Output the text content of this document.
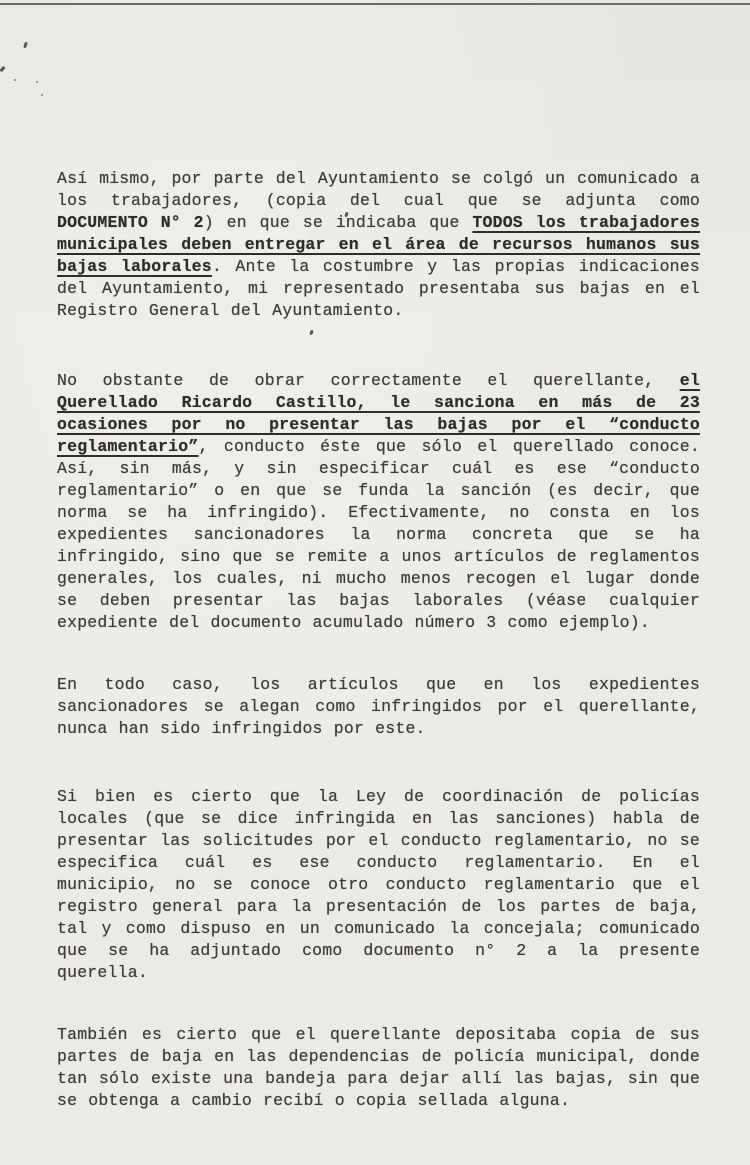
Así mismo, por parte del Ayuntamiento se colgó un comunicado a los trabajadores, (copia del cual que se adjunta como DOCUMENTO N° 2) en que se indicaba que TODOS los trabajadores municipales deben entregar en el área de recursos humanos sus bajas laborales. Ante la costumbre y las propias indicaciones del Ayuntamiento, mi representado presentaba sus bajas en el Registro General del Ayuntamiento.

No obstante de obrar correctamente el querellante, el Querellado Ricardo Castillo, le sanciona en más de 23 ocasiones por no presentar las bajas por el “conducto reglamentario”, conducto éste que sólo el querellado conoce. Así, sin más, y sin especificar cuál es ese “conducto reglamentario” o en que se funda la sanción (es decir, que norma se ha infringido). Efectivamente, no consta en los expedientes sancionadores la norma concreta que se ha infringido, sino que se remite a unos artículos de reglamentos generales, los cuales, ni mucho menos recogen el lugar donde se deben presentar las bajas laborales (véase cualquier expediente del documento acumulado número 3 como ejemplo).

En todo caso, los artículos que en los expedientes sancionadores se alegan como infringidos por el querellante, nunca han sido infringidos por este.

Si bien es cierto que la Ley de coordinación de policías locales (que se dice infringida en las sanciones) habla de presentar las solicitudes por el conducto reglamentario, no se especifica cuál es ese conducto reglamentario. En el municipio, no se conoce otro conducto reglamentario que el registro general para la presentación de los partes de baja, tal y como dispuso en un comunicado la concejala; comunicado que se ha adjuntado como documento n° 2 a la presente querella.

También es cierto que el querellante depositaba copia de sus partes de baja en las dependencias de policía municipal, donde tan sólo existe una bandeja para dejar allí las bajas, sin que se obtenga a cambio recibí o copia sellada alguna.
